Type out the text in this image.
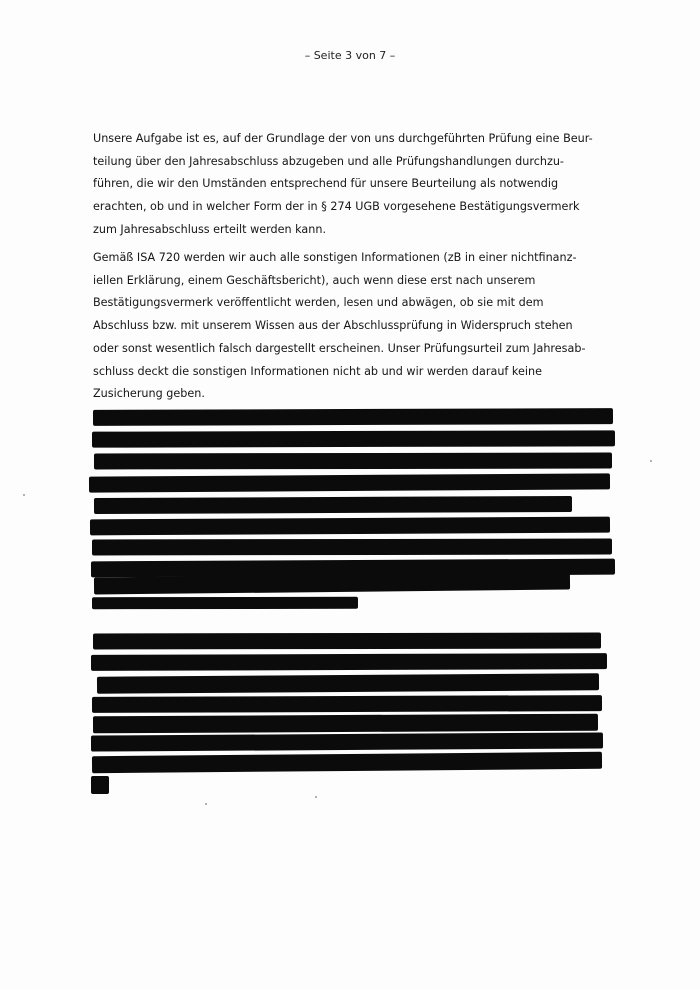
– Seite 3 von 7 –

Unsere Aufgabe ist es, auf der Grundlage der von uns durchgeführten Prüfung eine Beur-
teilung über den Jahresabschluss abzugeben und alle Prüfungshandlungen durchzu-
führen, die wir den Umständen entsprechend für unsere Beurteilung als notwendig
erachten, ob und in welcher Form der in § 274 UGB vorgesehene Bestätigungsvermerk
zum Jahresabschluss erteilt werden kann.

Gemäß ISA 720 werden wir auch alle sonstigen Informationen (zB in einer nichtfinanz-
iellen Erklärung, einem Geschäftsbericht), auch wenn diese erst nach unserem
Bestätigungsvermerk veröffentlicht werden, lesen und abwägen, ob sie mit dem
Abschluss bzw. mit unserem Wissen aus der Abschlussprüfung in Widerspruch stehen
oder sonst wesentlich falsch dargestellt erscheinen. Unser Prüfungsurteil zum Jahresab-
schluss deckt die sonstigen Informationen nicht ab und wir werden darauf keine
Zusicherung geben.
